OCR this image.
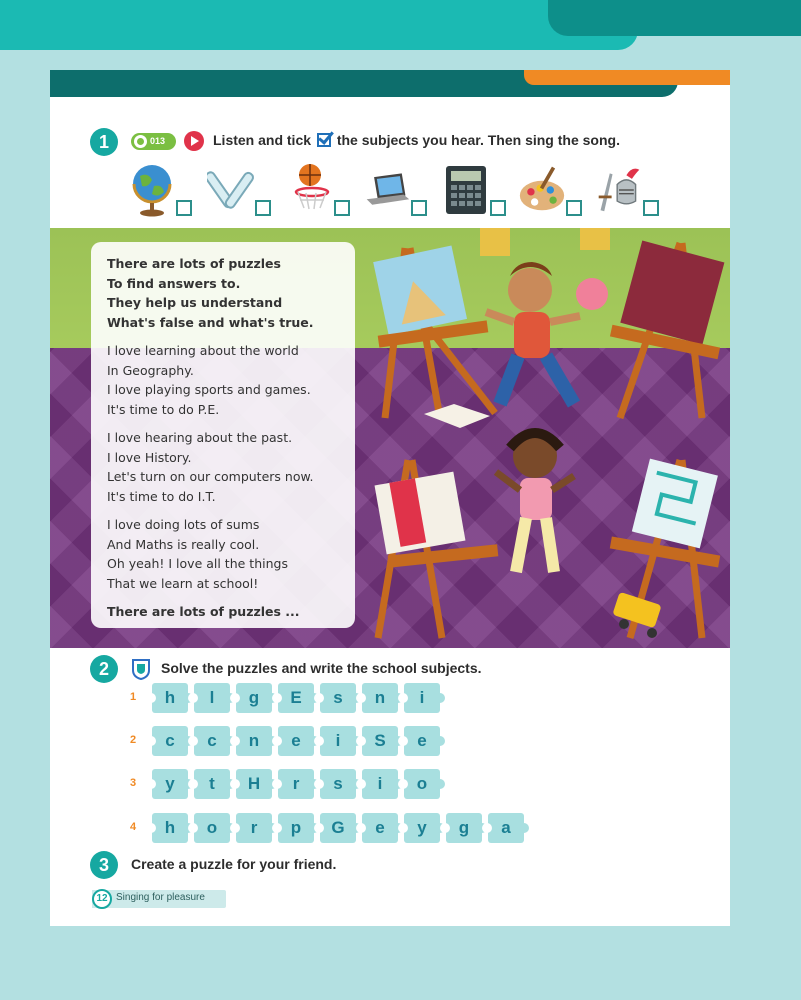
1	013	Listen and tick the subjects you hear. Then sing the song.
There are lots of puzzles
To find answers to.
They help us understand
What's false and what's true.
I love learning about the world
In Geography.
I love playing sports and games.
It's time to do P.E.
I love hearing about the past.
I love History.
Let's turn on our computers now.
It's time to do I.T.
I love doing lots of sums
And Maths is really cool.
Oh yeah! I love all the things
That we learn at school!
There are lots of puzzles ...
2	Solve the puzzles and write the school subjects.
1	h	l	g	E	s	n	i
2	c	c	n	e	i	S	e
3	y	t	H	r	s	i	o
4	h	o	r	p	G	e	y	g	a
3	Create a puzzle for your friend.
12 Singing for pleasure
